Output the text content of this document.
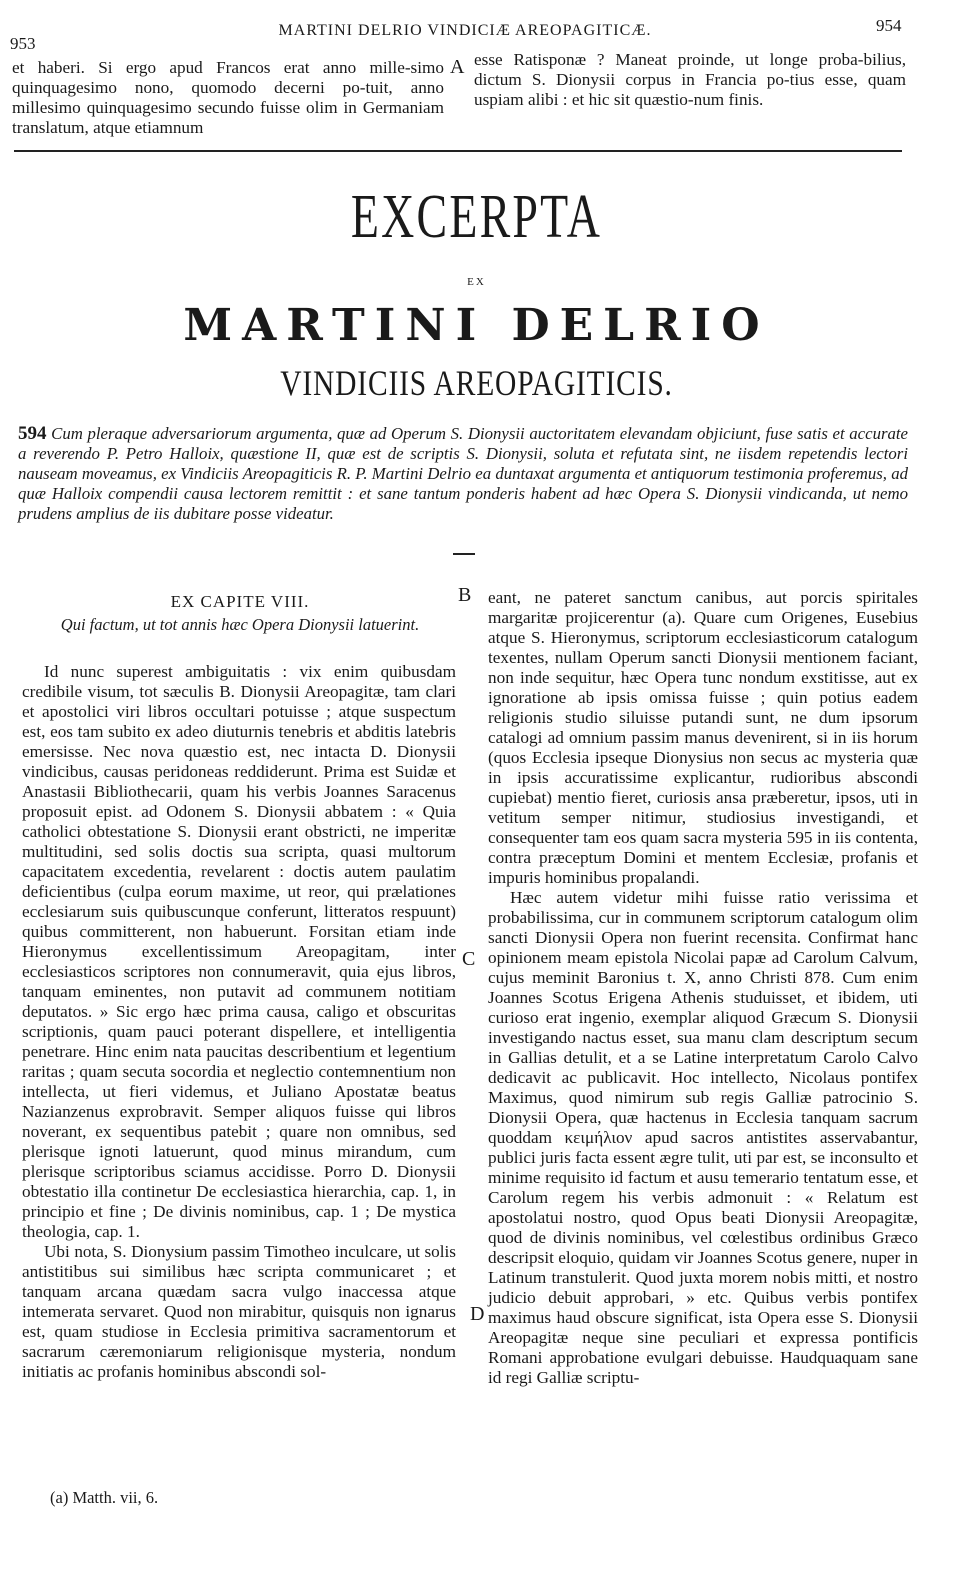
953
MARTINI DELRIO VINDICIÆ AREOPAGITICÆ.	954
et haberi. Si ergo apud Francos erat anno mille-simo quinquagesimo nono, quomodo decerni po-tuit, anno millesimo quinquagesimo secundo fuisse olim in Germaniam translatum, atque etiamnum
A esse Ratisponæ ? Maneat proinde, ut longe proba-bilius, dictum S. Dionysii corpus in Francia po-tius esse, quam uspiam alibi : et hic sit quæstio-num finis.
EXCERPTA
EX
MARTINI DELRIO
VINDICIIS AREOPAGITICIS.
594 Cum pleraque adversariorum argumenta, quæ ad Operum S. Dionysii auctoritatem elevandam objiciunt, fuse satis et accurate a reverendo P. Petro Halloix, quæstione II, quæ est de scriptis S. Dionysii, soluta et refutata sint, ne iisdem repetendis lectori nauseam moveamus, ex Vindiciis Areopagiticis R. P. Martini Delrio ea duntaxat argumenta et antiquorum testimonia proferemus, ad quæ Halloix compendii causa lectorem remittit : et sane tantum ponderis habent ad hæc Opera S. Dionysii vindicanda, ut nemo prudens amplius de iis dubitare posse videatur.
EX CAPITE VIII.
Qui factum, ut tot annis hæc Opera Dionysii latuerint.

Id nunc superest ambiguitatis : vix enim quibusdam credibile visum, tot sæculis B. Dionysii Areopagitæ, tam clari et apostolici viri libros occultari potuisse ; atque suspectum est, eos tam subito ex adeo diuturnis tenebris et abditis latebris emersisse. Nec nova quæstio est, nec intacta D. Dionysii vindicibus, causas peridoneas reddiderunt. Prima est Suidæ et Anastasii Bibliothecarii, quam his verbis Joannes Saracenus proposuit epist. ad Odonem S. Dionysii abbatem : « Quia catholici obtestatione S. Dionysii erant obstricti, ne imperitæ multitudini, sed solis doctis sua scripta, quasi multorum capacitatem excedentia, revelarent : doctis autem paulatim deficientibus (culpa eorum maxime, ut reor, qui prælationes ecclesiarum suis quibuscunque conferunt, litteratos respuunt) quibus committerent, non habuerunt. Forsitan etiam inde Hieronymus excellentissimum Areopagitam, inter ecclesiasticos scriptores non connumeravit, quia ejus libros, tanquam eminentes, non putavit ad communem notitiam deputatos. » Sic ergo hæc prima causa, caligo et obscuritas scriptionis, quam pauci poterant dispellere, et intelligentia penetrare. Hinc enim nata paucitas describentium et legentium raritas ; quam secuta socordia et neglectio contemnentium non intellecta, ut fieri videmus, et Juliano Apostatæ beatus Nazianzenus exprobravit. Semper aliquos fuisse qui libros noverant, ex sequentibus patebit ; quare non omnibus, sed plerisque ignoti latuerunt, quod minus mirandum, cum plerisque scriptoribus sciamus accidisse. Porro D. Dionysii obtestatio illa continetur De ecclesiastica hierarchia, cap. 1, in principio et fine ; De divinis nominibus, cap. 1 ; De mystica theologia, cap. 1.

Ubi nota, S. Dionysium passim Timotheo inculcare, ut solis antistitibus sui similibus hæc scripta communicaret ; et tanquam arcana quædam sacra vulgo inaccessa atque intemerata servaret. Quod non mirabitur, quisquis non ignarus est, quam studiose in Ecclesia primitiva sacramentorum et sacrarum cæremoniarum religionisque mysteria, nondum initiatis ac profanis hominibus abscondi sol-

(a) Matth. vii, 6.
B
C
D

eant, ne pateret sanctum canibus, aut porcis spiritales margaritæ projicerentur (a). Quare cum Origenes, Eusebius atque S. Hieronymus, scriptorum ecclesiasticorum catalogum texentes, nullam Operum sancti Dionysii mentionem faciant, non inde sequitur, hæc Opera tunc nondum exstitisse, aut ex ignoratione ab ipsis omissa fuisse ; quin potius eadem religionis studio siluisse putandi sunt, ne dum ipsorum catalogi ad omnium passim manus devenirent, si in iis horum (quos Ecclesia ipseque Dionysius non secus ac mysteria quæ in ipsis accuratissime explicantur, rudioribus abscondi cupiebat) mentio fieret, curiosis ansa præberetur, ipsos, uti in vetitum semper nitimur, studiosius investigandi, et consequenter tam eos quam sacra mysteria 595 in iis contenta, contra præceptum Domini et mentem Ecclesiæ, profanis et impuris hominibus propalandi.

Hæc autem videtur mihi fuisse ratio verissima et probabilissima, cur in communem scriptorum catalogum olim sancti Dionysii Opera non fuerint recensita. Confirmat hanc opinionem meam epistola Nicolai papæ ad Carolum Calvum, cujus meminit Baronius t. X, anno Christi 878. Cum enim Joannes Scotus Erigena Athenis studuisset, et ibidem, uti curioso erat ingenio, exemplar aliquod Græcum S. Dionysii investigando nactus esset, sua manu clam descriptum secum in Gallias detulit, et a se Latine interpretatum Carolo Calvo dedicavit ac publicavit. Hoc intellecto, Nicolaus pontifex Maximus, quod nimirum sub regis Galliæ patrocinio S. Dionysii Opera, quæ hactenus in Ecclesia tanquam sacrum quoddam κειμήλιον apud sacros antistites asservabantur, publici juris facta essent ægre tulit, uti par est, se inconsulto et minime requisito id factum et ausu temerario tentatum esse, et Carolum regem his verbis admonuit : « Relatum est apostolatui nostro, quod Opus beati Dionysii Areopagitæ, quod de divinis nominibus, vel cœlestibus ordinibus Græco descripsit eloquio, quidam vir Joannes Scotus genere, nuper in Latinum transtulerit. Quod juxta morem nobis mitti, et nostro judicio debuit approbari, » etc. Quibus verbis pontifex maximus haud obscure significat, ista Opera esse S. Dionysii Areopagitæ neque sine peculiari et expressa pontificis Romani approbatione evulgari debuisse. Haudquaquam sane id regi Galliæ scriptu-
